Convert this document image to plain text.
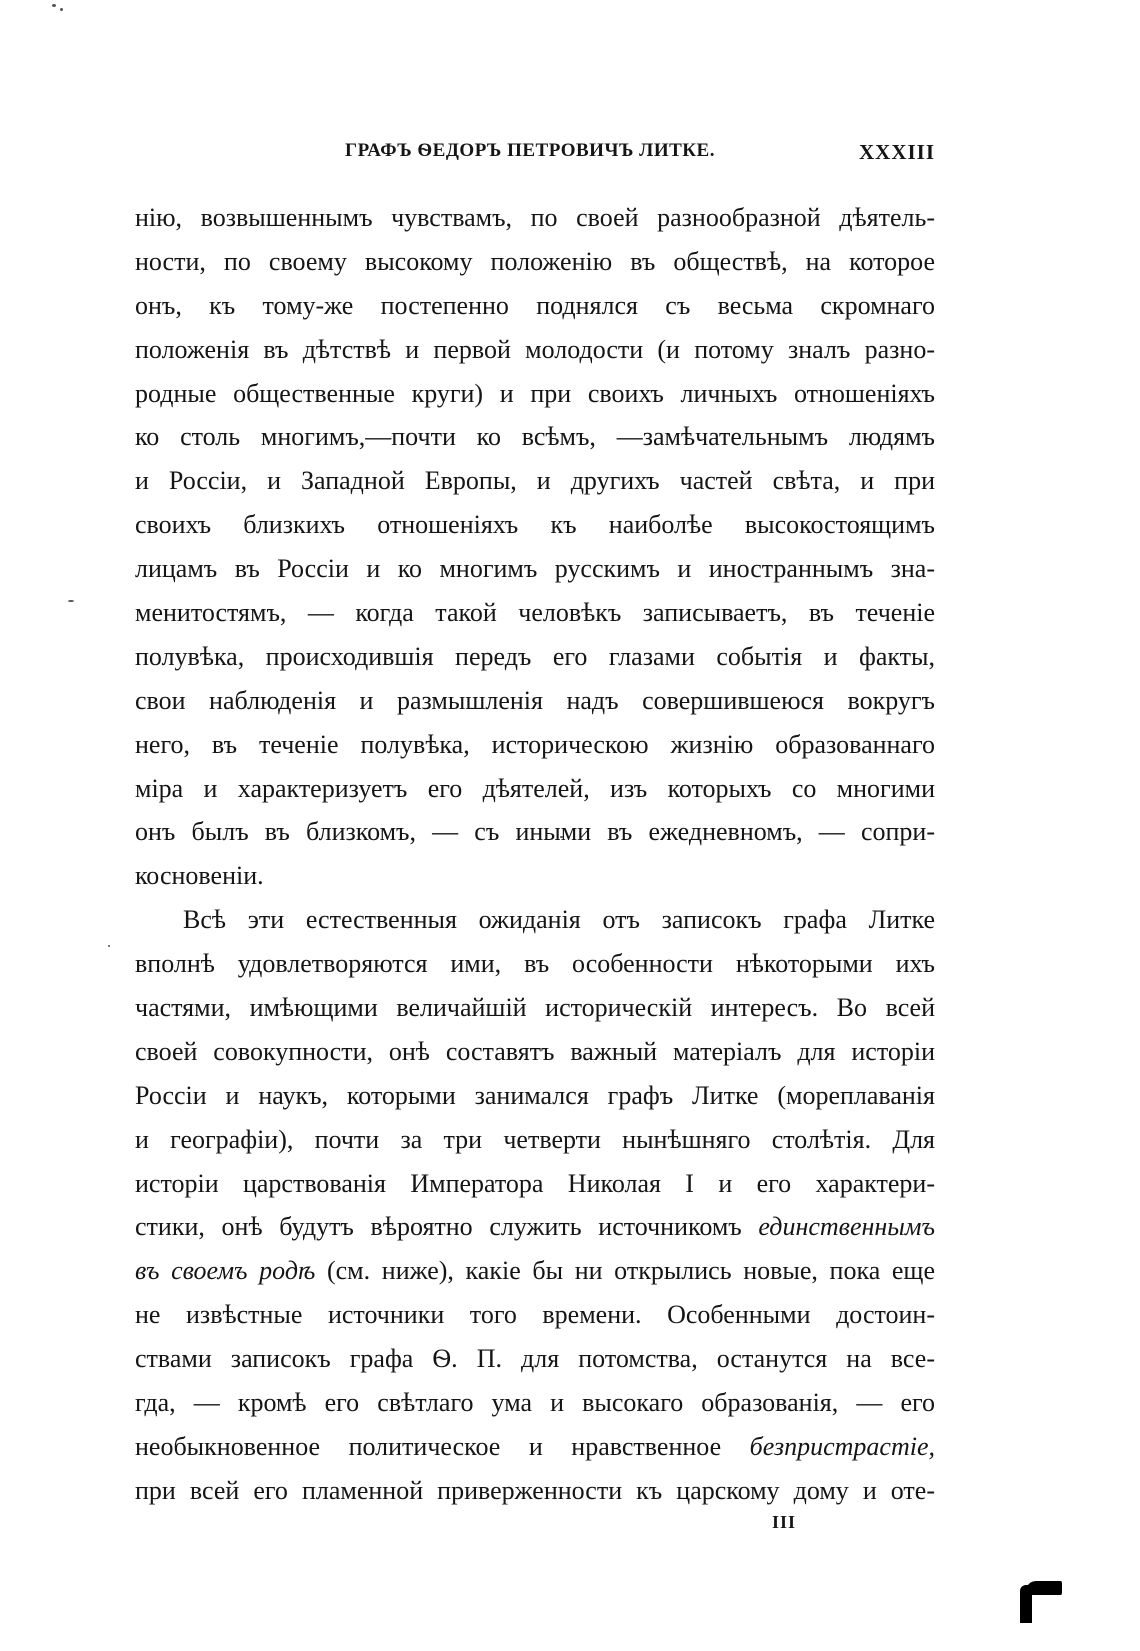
ГРАФЪ ѲЕДОРЪ ПЕТРОВИЧЪ ЛИТКЕ.	XXXIII
нію, возвышеннымъ чувствамъ, по своей разнообразной дѣятель-
ности, по своему высокому положенію въ обществѣ, на которое
онъ, къ тому-же постепенно поднялся съ весьма скромнаго
положенія въ дѣтствѣ и первой молодости (и потому зналъ разно-
родные общественные круги) и при своихъ личныхъ отношеніяхъ
ко столь многимъ,—почти ко всѣмъ, —замѣчательнымъ людямъ
и Россіи, и Западной Европы, и другихъ частей свѣта, и при
своихъ близкихъ отношеніяхъ къ наиболѣе высокостоящимъ
лицамъ въ Россіи и ко многимъ русскимъ и иностраннымъ зна-
менитостямъ, — когда такой человѣкъ записываетъ, въ теченіе
полувѣка, происходившія передъ его глазами событія и факты,
свои наблюденія и размышленія надъ совершившеюся вокругъ
него, въ теченіе полувѣка, историческою жизнію образованнаго
міра и характеризуетъ его дѣятелей, изъ которыхъ со многими
онъ былъ въ близкомъ, — съ иными въ ежедневномъ, — сопри-
косновеніи.
Всѣ эти естественныя ожиданія отъ записокъ графа Литке
вполнѣ удовлетворяются ими, въ особенности нѣкоторыми ихъ
частями, имѣющими величайшій историческій интересъ. Во всей
своей совокупности, онѣ составятъ важный матеріалъ для исторіи
Россіи и наукъ, которыми занимался графъ Литке (мореплаванія
и географіи), почти за три четверти нынѣшняго столѣтія. Для
исторіи царствованія Императора Николая I и его характери-
стики, онѣ будутъ вѣроятно служить источникомъ единственнымъ
въ своемъ родѣ (см. ниже), какіе бы ни открылись новые, пока еще
не извѣстные источники того времени. Особенными достоин-
ствами записокъ графа Ѳ. П. для потомства, останутся на все-
гда, — кромѣ его свѣтлаго ума и высокаго образованія, — его
необыкновенное политическое и нравственное безпристрастіе,
при всей его пламенной приверженности къ царскому дому и оте-
III
